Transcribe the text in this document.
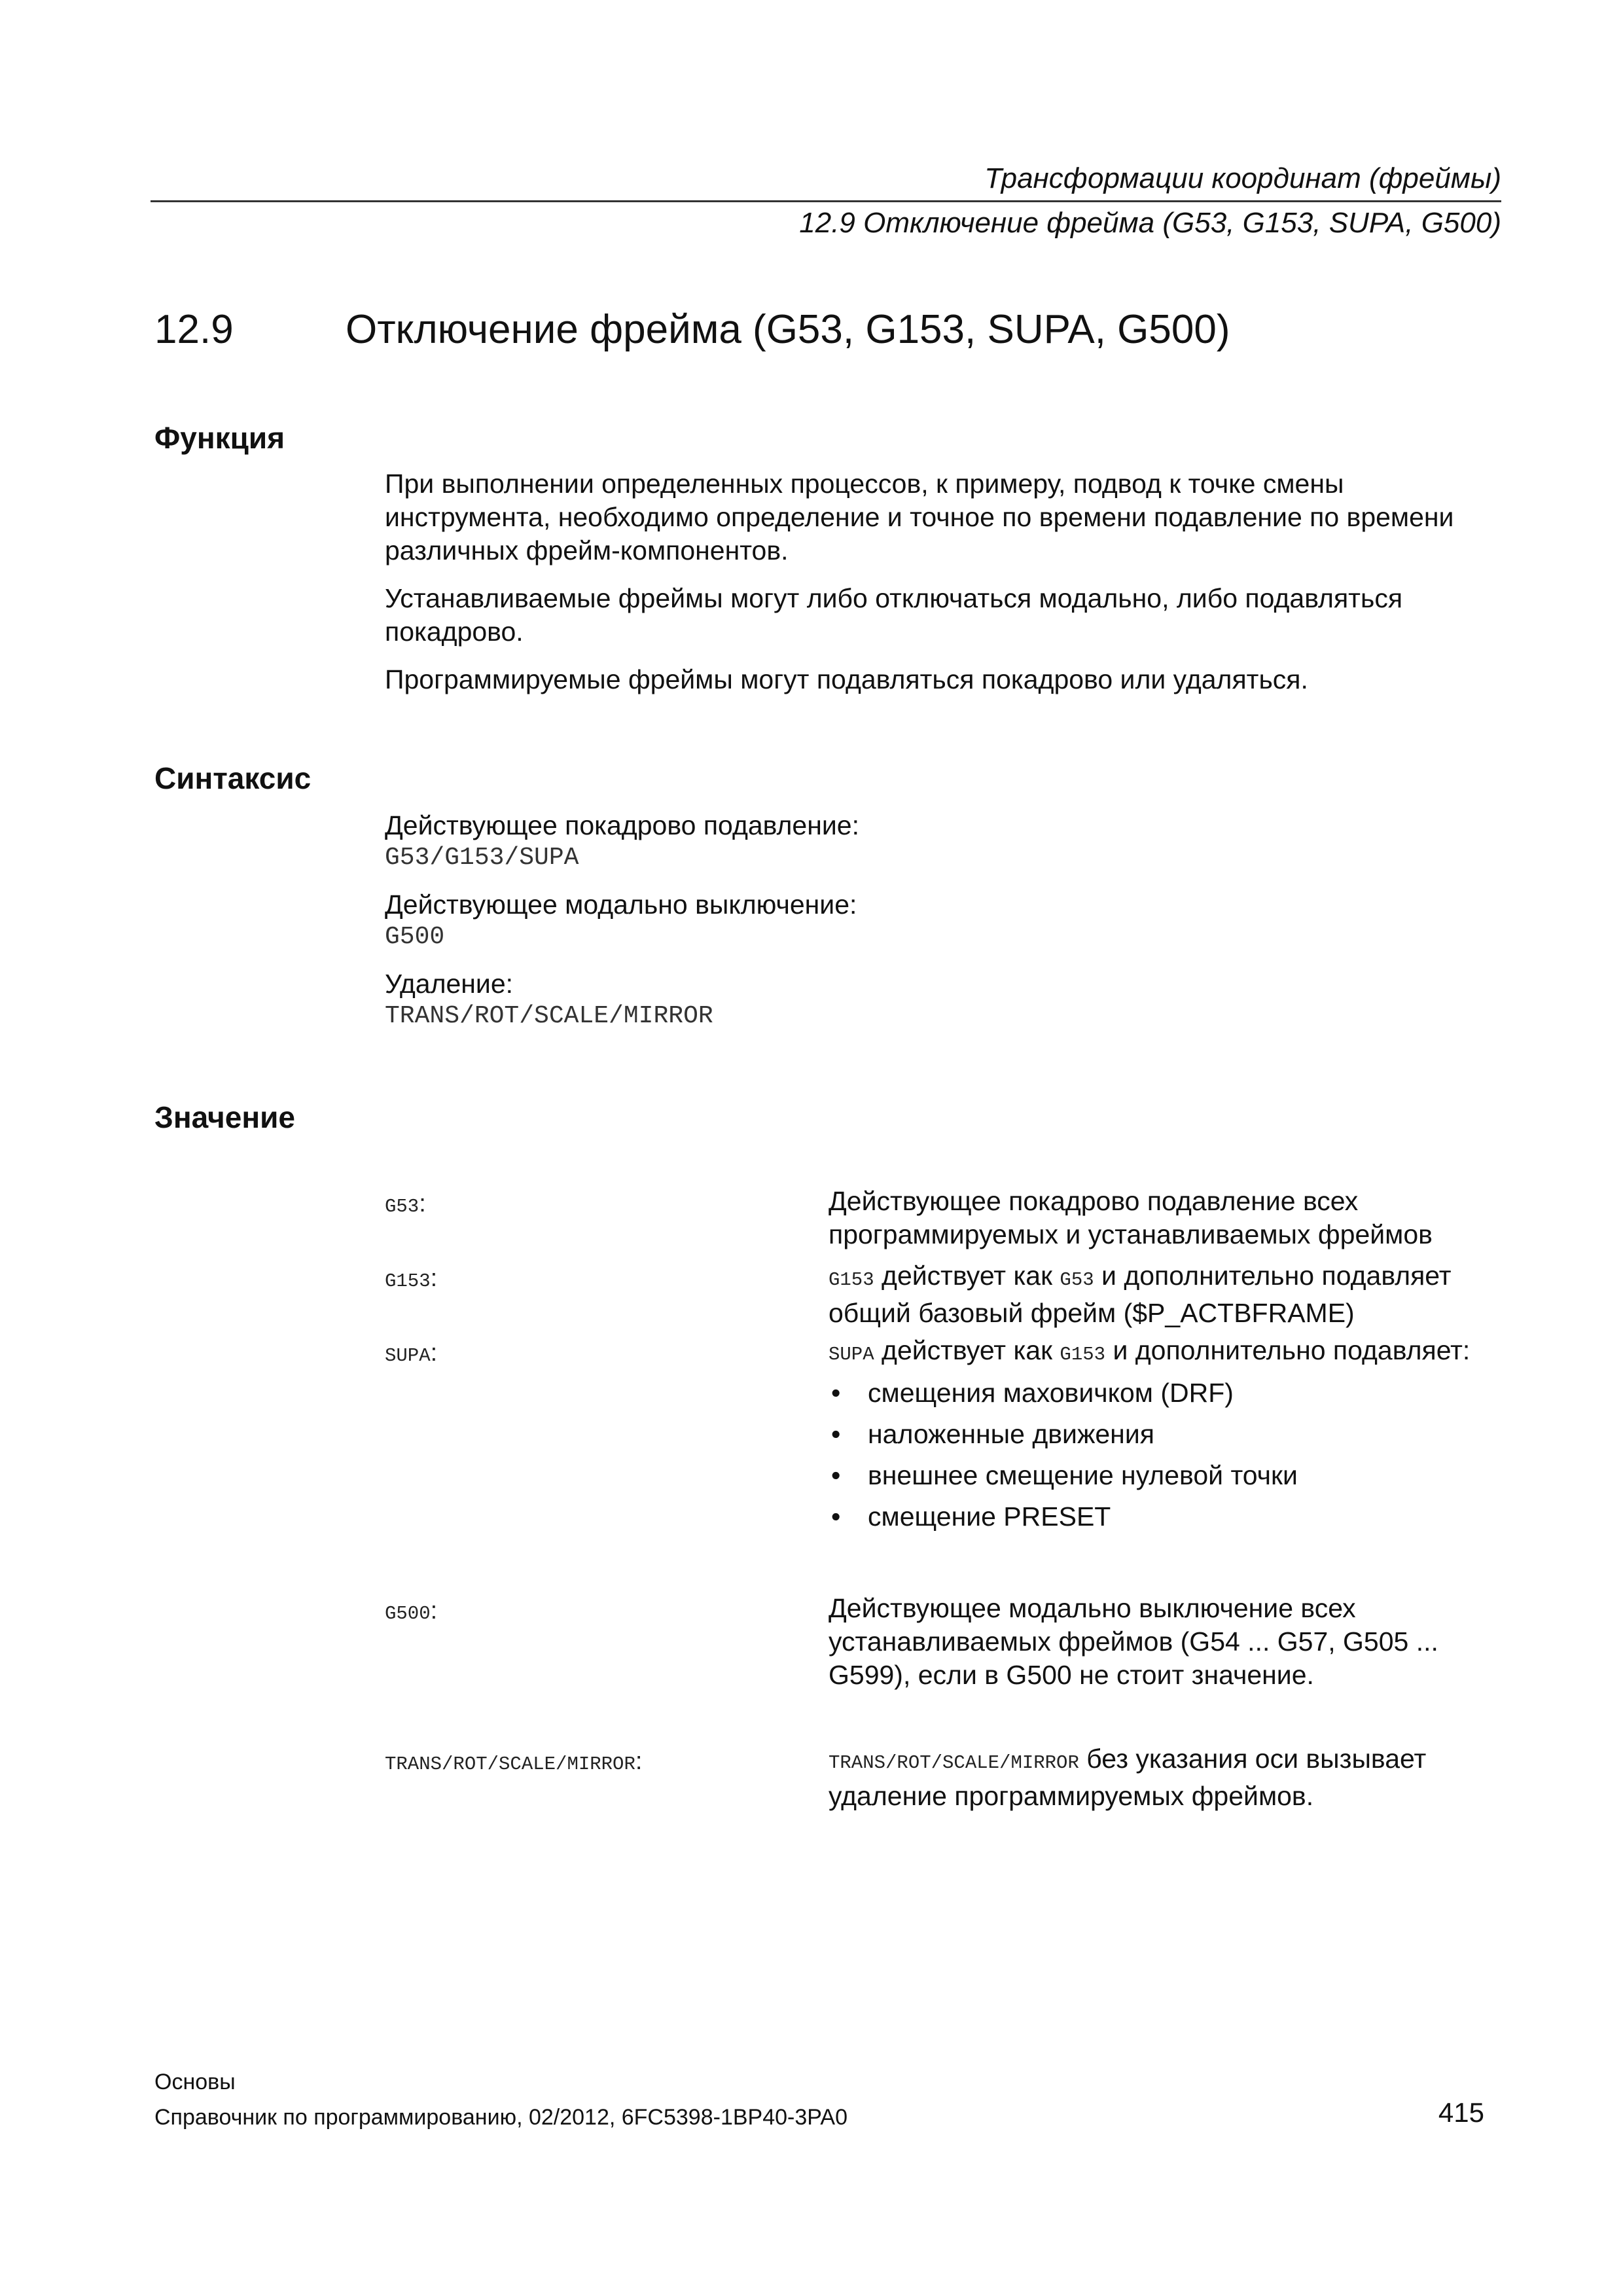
Трансформации координат (фреймы)
12.9 Отключение фрейма (G53, G153, SUPA, G500)
12.9	Отключение фрейма (G53, G153, SUPA, G500)
Функция

При выполнении определенных процессов, к примеру, подвод к точке смены инструмента, необходимо определение и точное по времени подавление по времени различных фрейм-компонентов.

Устанавливаемые фреймы могут либо отключаться модально, либо подавляться покадрово.

Программируемые фреймы могут подавляться покадрово или удаляться.

Синтаксис
Действующее покадрово подавление:
G53/G153/SUPA
Действующее модально выключение:
G500
Удаление:
TRANS/ROT/SCALE/MIRROR
Значение
G53:	Действующее покадрово подавление всех программируемых и устанавливаемых фреймов
G153:	G153 действует как G53 и дополнительно подавляет общий базовый фрейм ($P_ACTBFRAME)
SUPA:	SUPA действует как G153 и дополнительно подавляет:
• смещения маховичком (DRF)
• наложенные движения
• внешнее смещение нулевой точки
• смещение PRESET
G500:	Действующее модально выключение всех устанавливаемых фреймов (G54 ... G57, G505 ... G599), если в G500 не стоит значение.
TRANS/ROT/SCALE/MIRROR:	TRANS/ROT/SCALE/MIRROR без указания оси вызывает удаление программируемых фреймов.
Основы
Справочник по программированию, 02/2012, 6FC5398-1BP40-3PA0	415
